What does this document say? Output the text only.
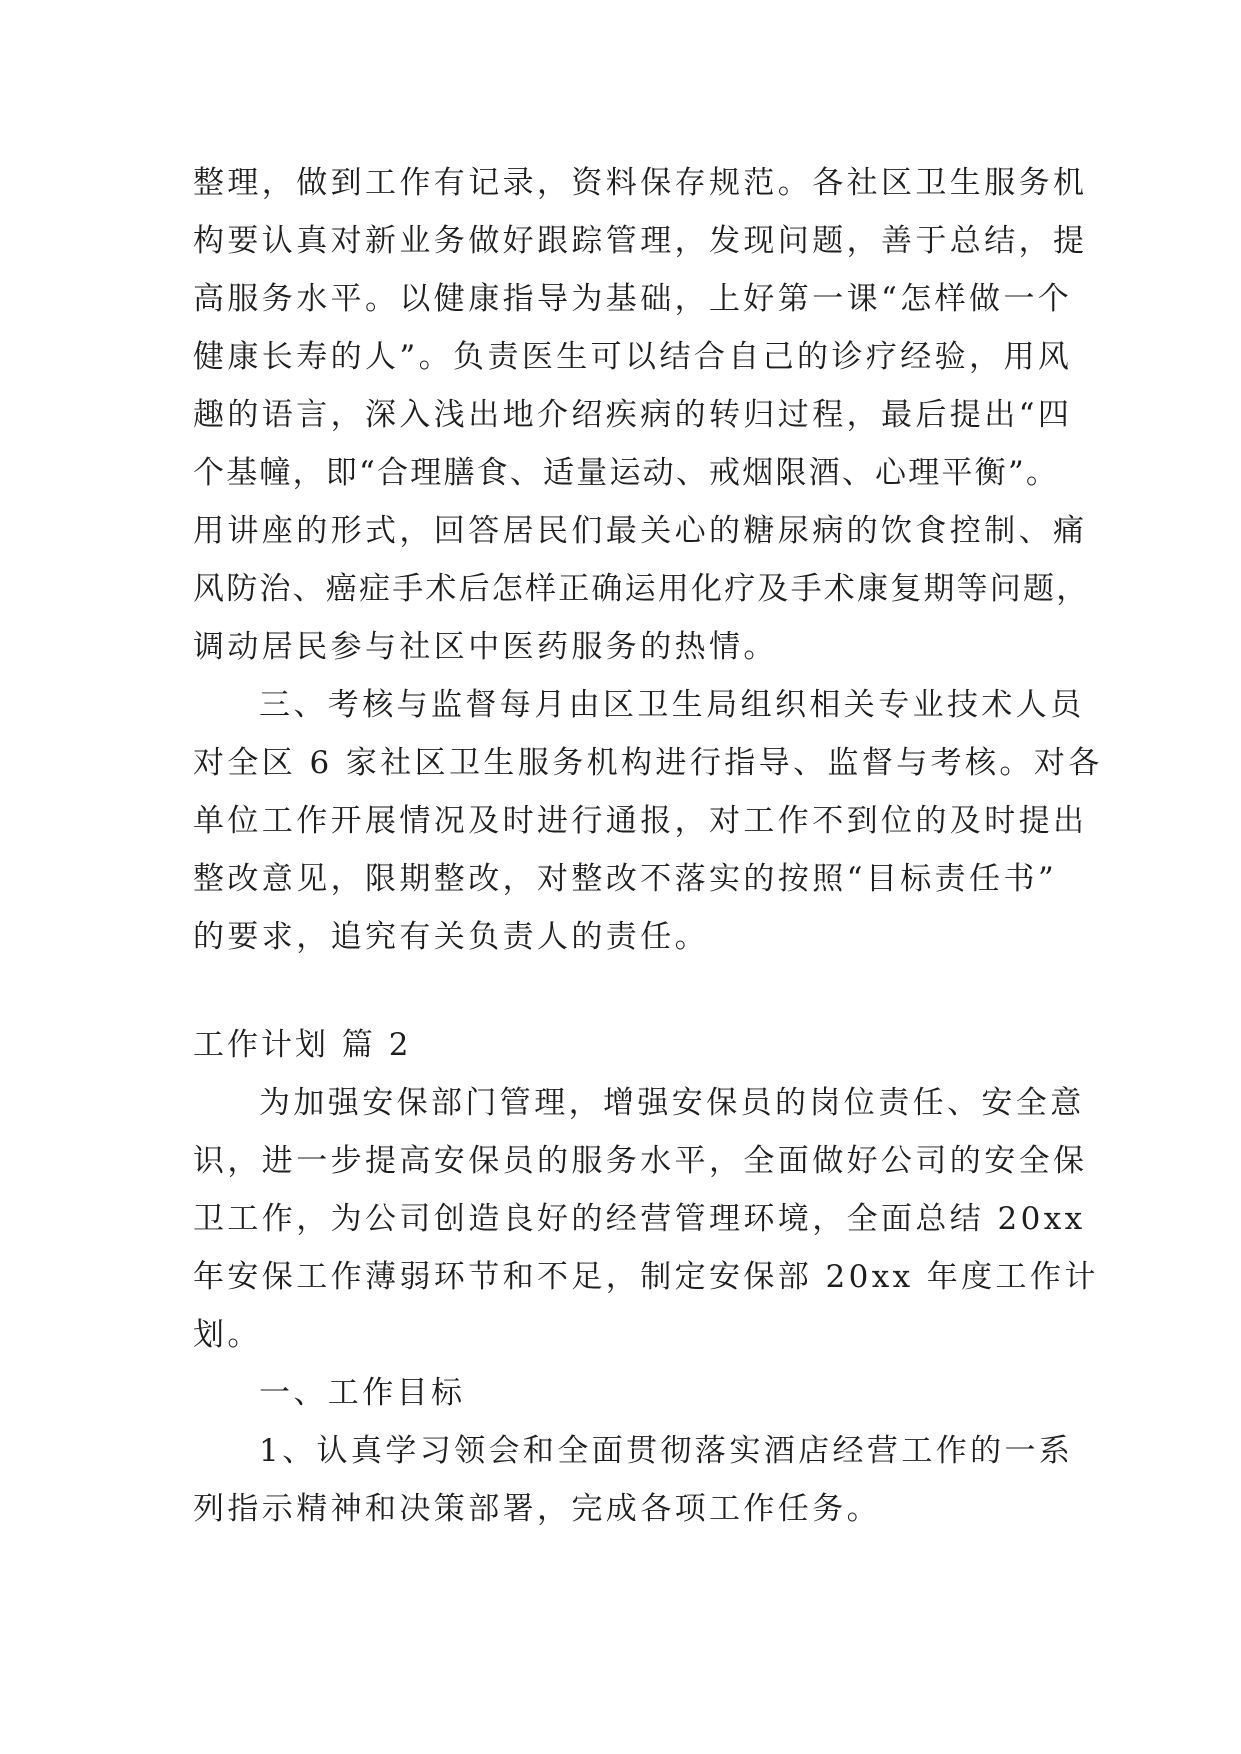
整理，做到工作有记录，资料保存规范。各社区卫生服务机

构要认真对新业务做好跟踪管理，发现问题，善于总结，提

高服务水平。以健康指导为基础，上好第一课“怎样做一个

健康长寿的人”。负责医生可以结合自己的诊疗经验，用风

趣的语言，深入浅出地介绍疾病的转归过程，最后提出“四

个基幢，即“合理膳食、适量运动、戒烟限酒、心理平衡”。

用讲座的形式，回答居民们最关心的糖尿病的饮食控制、痛

风防治、癌症手术后怎样正确运用化疗及手术康复期等问题，

调动居民参与社区中医药服务的热情。

三、考核与监督每月由区卫生局组织相关专业技术人员

对全区 6 家社区卫生服务机构进行指导、监督与考核。对各

单位工作开展情况及时进行通报，对工作不到位的及时提出

整改意见，限期整改，对整改不落实的按照“目标责任书”

的要求，追究有关负责人的责任。

工作计划 篇 2

为加强安保部门管理，增强安保员的岗位责任、安全意

识，进一步提高安保员的服务水平，全面做好公司的安全保

卫工作，为公司创造良好的经营管理环境，全面总结 20xx

年安保工作薄弱环节和不足，制定安保部 20xx 年度工作计

划。

一、工作目标

1、认真学习领会和全面贯彻落实酒店经营工作的一系

列指示精神和决策部署，完成各项工作任务。
